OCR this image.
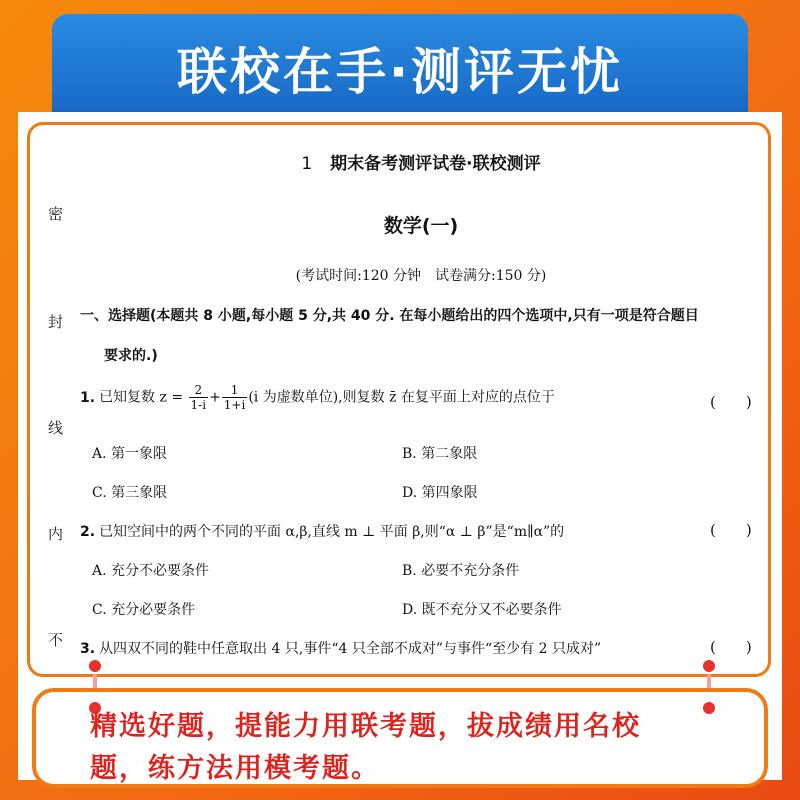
联校在手·测评无忧
密
封
线
内
不
1 期末备考测评试卷·联校测评
数学(一)
(考试时间:120 分钟　试卷满分:150 分)
一、选择题(本题共 8 小题,每小题 5 分,共 40 分. 在每小题给出的四个选项中,只有一项是符合题目
要求的.)
1. 已知复数 $z = \frac{2}{1-i} + \frac{1}{1+i} (i$ 为虚数单位),则复数 z̄ 在复平面上对应的点位于	(　　)
A. 第一象限	B. 第二象限
C. 第三象限	D. 第四象限
2. 已知空间中的两个不同的平面 α,β,直线 m ⊥ 平面 β,则“α ⊥ β”是“m∥α”的	(　　)
A. 充分不必要条件	B. 必要不充分条件
C. 充分必要条件	D. 既不充分又不必要条件
3. 从四双不同的鞋中任意取出 4 只,事件“4 只全部不成对”与事件“至少有 2 只成对”	(　　)
精选好题，提能力用联考题，拔成绩用名校
题，练方法用模考题。
